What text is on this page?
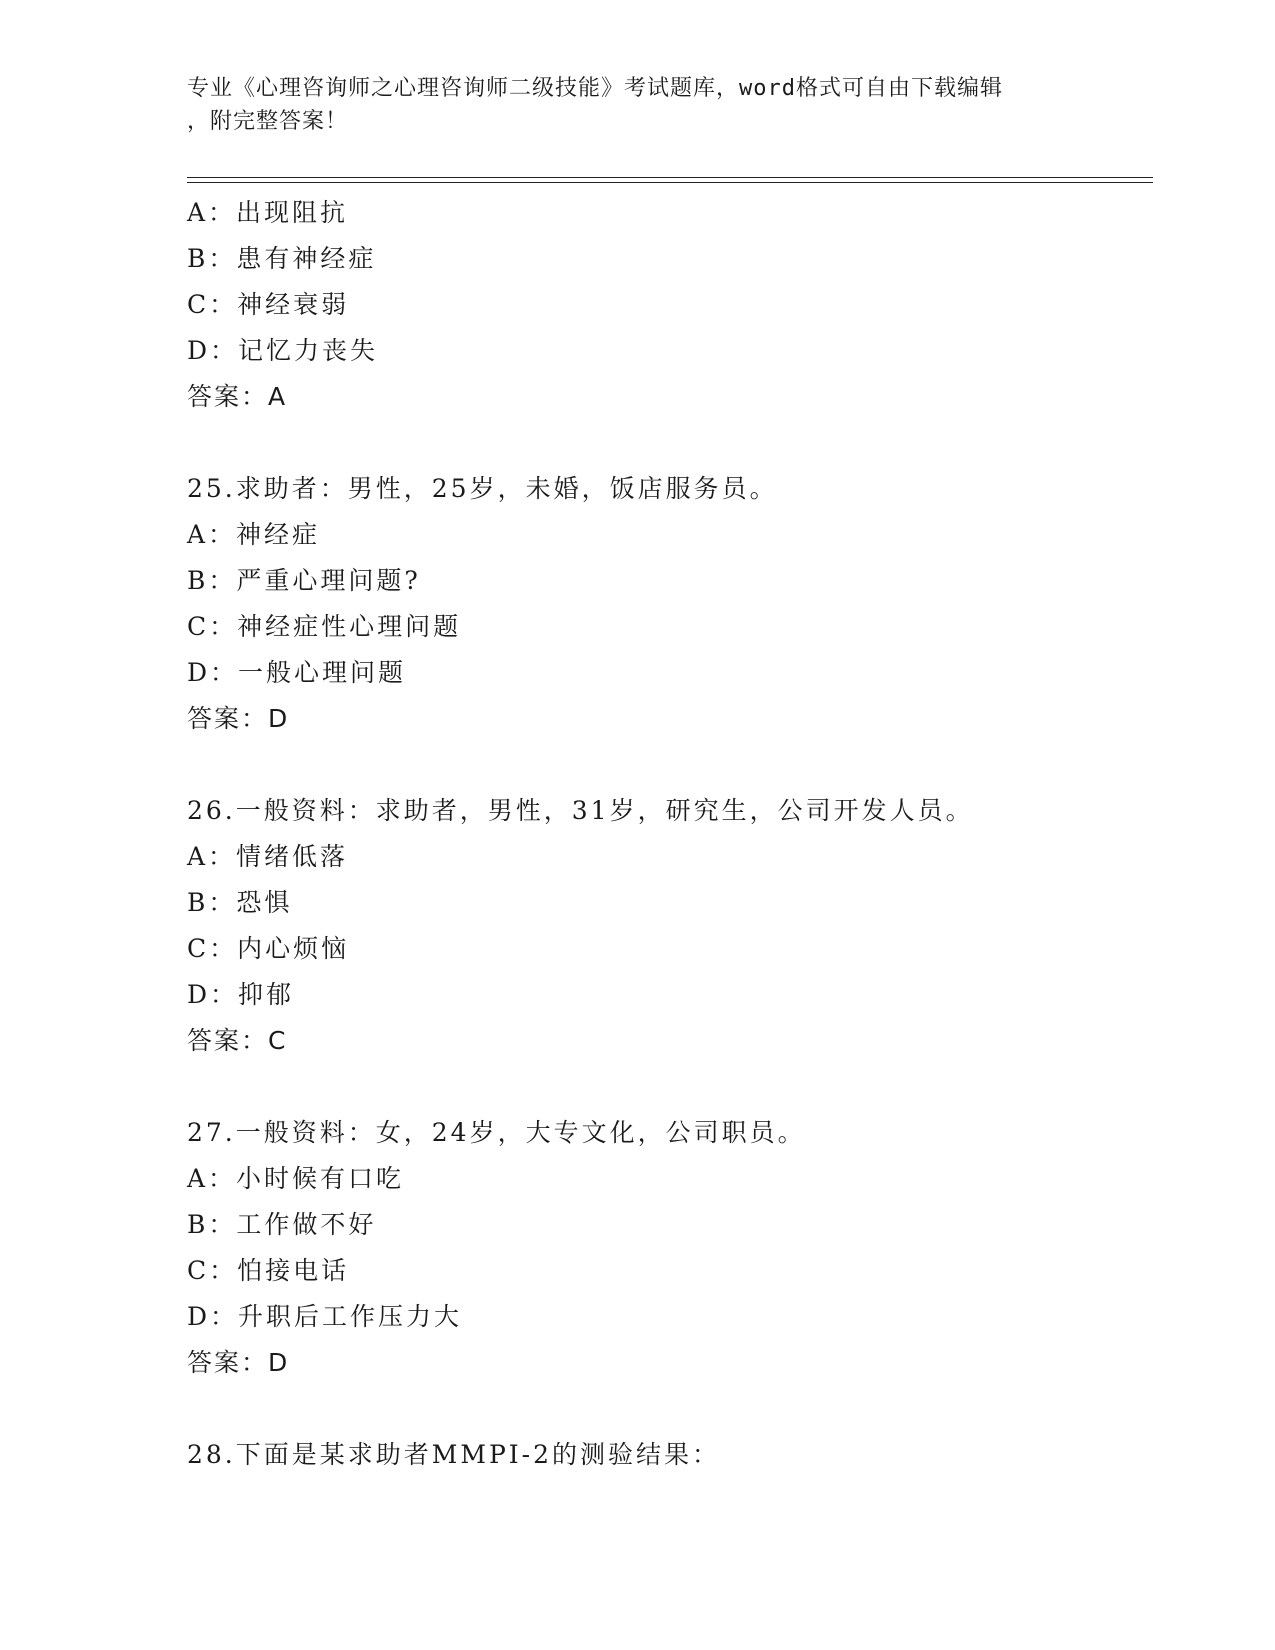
专业《心理咨询师之心理咨询师二级技能》考试题库，word格式可自由下载编辑
，附完整答案！
A：出现阻抗
B：患有神经症
C：神经衰弱
D：记忆力丧失
答案：A
25.求助者：男性，25岁，未婚，饭店服务员。
A：神经症
B：严重心理问题?
C：神经症性心理问题
D：一般心理问题
答案：D
26.一般资料：求助者，男性，31岁，研究生，公司开发人员。
A：情绪低落
B：恐惧
C：内心烦恼
D：抑郁
答案：C
27.一般资料：女，24岁，大专文化，公司职员。
A：小时候有口吃
B：工作做不好
C：怕接电话
D：升职后工作压力大
答案：D
28.下面是某求助者MMPI-2的测验结果：
